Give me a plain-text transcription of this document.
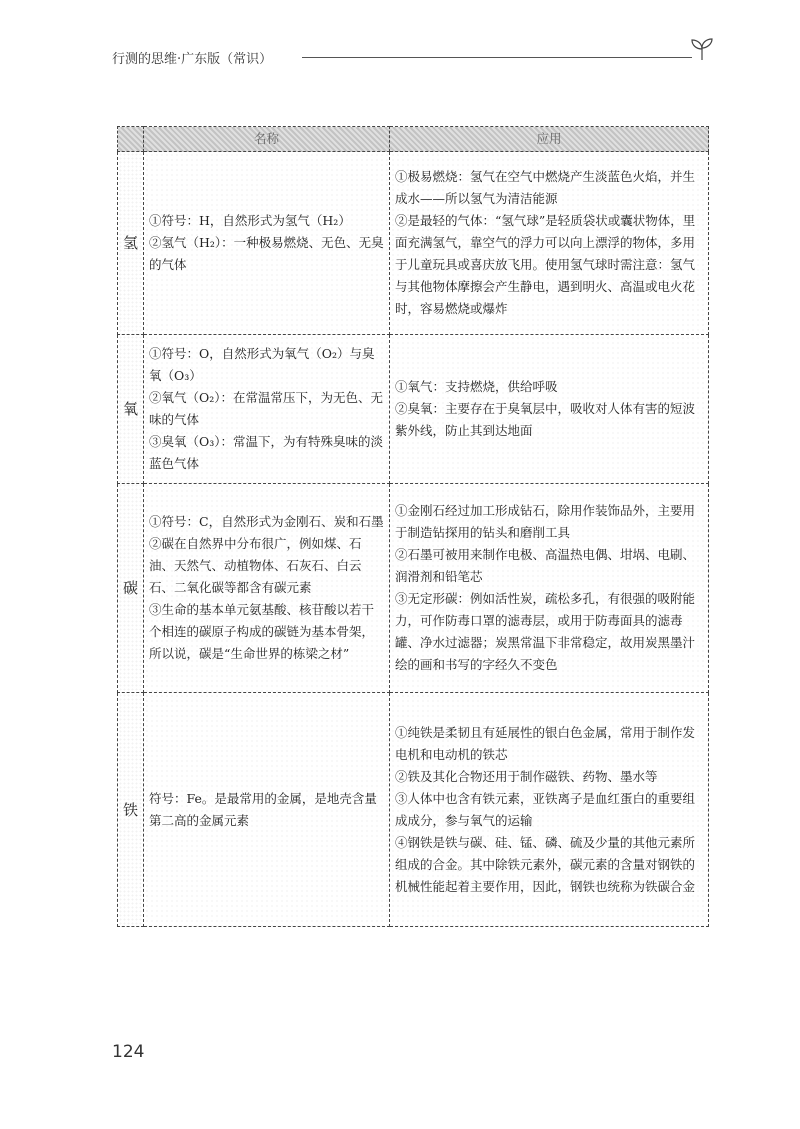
行测的思维·广东版（常识）
	名称	应用
氢	①符号：H，自然形式为氢气（H₂）
②氢气（H₂）：一种极易燃烧、无色、无臭的气体	①极易燃烧：氢气在空气中燃烧产生淡蓝色火焰，并生成水——所以氢气为清洁能源
②是最轻的气体：“氢气球”是轻质袋状或囊状物体，里面充满氢气，靠空气的浮力可以向上漂浮的物体，多用于儿童玩具或喜庆放飞用。使用氢气球时需注意：氢气与其他物体摩擦会产生静电，遇到明火、高温或电火花时，容易燃烧或爆炸

氧	①符号：O，自然形式为氧气（O₂）与臭氧（O₃）
②氧气（O₂）：在常温常压下，为无色、无味的气体
③臭氧（O₃）：常温下，为有特殊臭味的淡蓝色气体	①氧气：支持燃烧，供给呼吸
②臭氧：主要存在于臭氧层中，吸收对人体有害的短波紫外线，防止其到达地面

碳	①符号：C，自然形式为金刚石、炭和石墨
②碳在自然界中分布很广，例如煤、石油、天然气、动植物体、石灰石、白云石、二氧化碳等都含有碳元素
③生命的基本单元氨基酸、核苷酸以若干个相连的碳原子构成的碳链为基本骨架，所以说，碳是“生命世界的栋梁之材”	①金刚石经过加工形成钻石，除用作装饰品外，主要用于制造钻探用的钻头和磨削工具
②石墨可被用来制作电极、高温热电偶、坩埚、电刷、润滑剂和铅笔芯
③无定形碳：例如活性炭，疏松多孔，有很强的吸附能力，可作防毒口罩的滤毒层，或用于防毒面具的滤毒罐、净水过滤器；炭黑常温下非常稳定，故用炭黑墨汁绘的画和书写的字经久不变色

铁	符号：Fe。是最常用的金属，是地壳含量第二高的金属元素	①纯铁是柔韧且有延展性的银白色金属，常用于制作发电机和电动机的铁芯
②铁及其化合物还用于制作磁铁、药物、墨水等
③人体中也含有铁元素，亚铁离子是血红蛋白的重要组成成分，参与氧气的运输
④钢铁是铁与碳、硅、锰、磷、硫及少量的其他元素所组成的合金。其中除铁元素外，碳元素的含量对钢铁的机械性能起着主要作用，因此，钢铁也统称为铁碳合金
124
